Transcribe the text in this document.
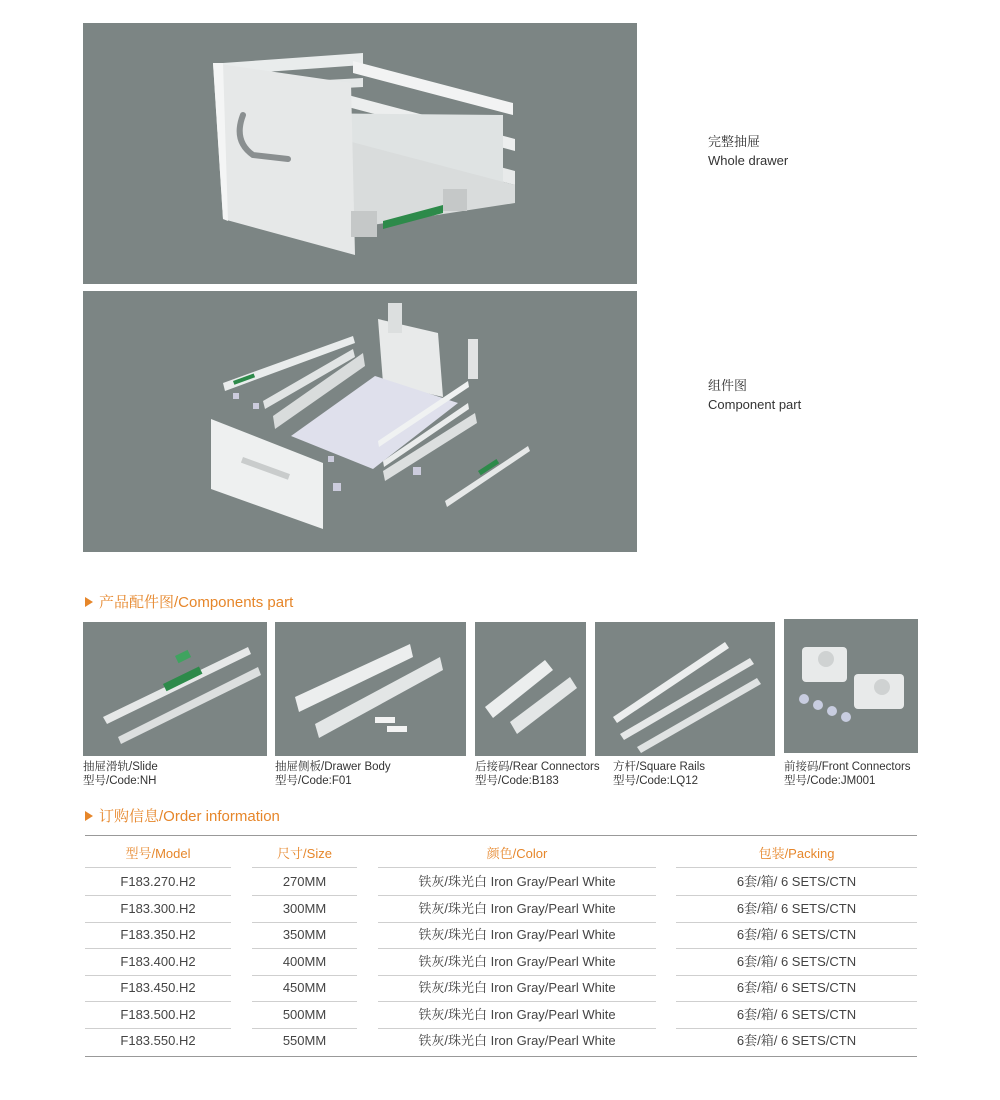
完整抽屉
Whole drawer
组件图
Component part
产品配件图/Components part
抽屉滑轨/Slide
型号/Code:NH
抽屉侧板/Drawer Body
型号/Code:F01
后接码/Rear Connectors
型号/Code:B183
方杆/Square Rails
型号/Code:LQ12
前接码/Front Connectors
型号/Code:JM001
订购信息/Order information
型号/Model	尺寸/Size	颜色/Color	包装/Packing
F183.270.H2	270MM	铁灰/珠光白 Iron Gray/Pearl White	6套/箱/ 6 SETS/CTN
F183.300.H2	300MM	铁灰/珠光白 Iron Gray/Pearl White	6套/箱/ 6 SETS/CTN
F183.350.H2	350MM	铁灰/珠光白 Iron Gray/Pearl White	6套/箱/ 6 SETS/CTN
F183.400.H2	400MM	铁灰/珠光白 Iron Gray/Pearl White	6套/箱/ 6 SETS/CTN
F183.450.H2	450MM	铁灰/珠光白 Iron Gray/Pearl White	6套/箱/ 6 SETS/CTN
F183.500.H2	500MM	铁灰/珠光白 Iron Gray/Pearl White	6套/箱/ 6 SETS/CTN
F183.550.H2	550MM	铁灰/珠光白 Iron Gray/Pearl White	6套/箱/ 6 SETS/CTN
